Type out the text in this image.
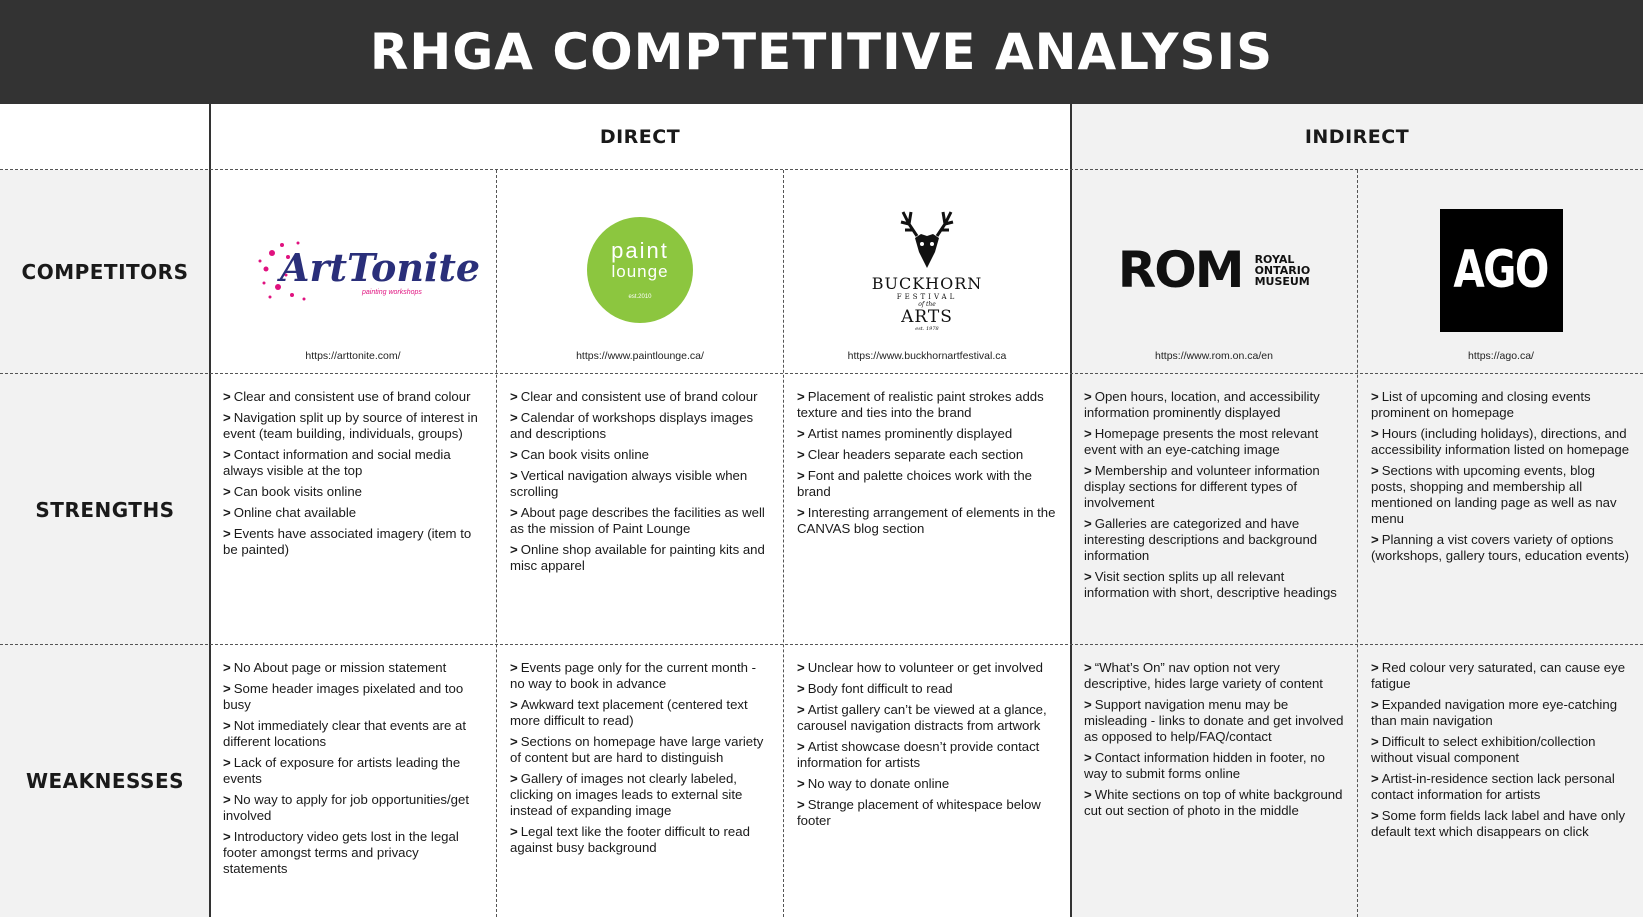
RHGA COMPTETITIVE ANALYSIS
DIRECT	INDIRECT
COMPETITORS
STRENGTHS
WEAKNESSES
ArtTonite
painting workshops
https://arttonite.com/
paint
lounge
est.2010
https://www.paintlounge.ca/
BUCKHORN
FESTIVAL
of the
ARTS
est. 1978
https://www.buckhornartfestival.ca
ROM ROYAL
ONTARIO
MUSEUM
https://www.rom.on.ca/en
AGO
https://ago.ca/
> Clear and consistent use of brand colour
> Navigation split up by source of interest in event (team building, individuals, groups)
> Contact information and social media always visible at the top
> Can book visits online
> Online chat available
> Events have associated imagery (item to be painted)
> Clear and consistent use of brand colour
> Calendar of workshops displays images and descriptions
> Can book visits online
> Vertical navigation always visible when scrolling
> About page describes the facilities as well as the mission of Paint Lounge
> Online shop available for painting kits and misc apparel
> Placement of realistic paint strokes adds texture and ties into the brand
> Artist names prominently displayed
> Clear headers separate each section
> Font and palette choices work with the brand
> Interesting arrangement of elements in the CANVAS blog section
> Open hours, location, and accessibility information prominently displayed
> Homepage presents the most relevant event with an eye-catching image
> Membership and volunteer information display sections for different types of involvement
> Galleries are categorized and have interesting descriptions and background information
> Visit section splits up all relevant information with short, descriptive headings
> List of upcoming and closing events prominent on homepage
> Hours (including holidays), directions, and accessibility information listed on homepage
> Sections with upcoming events, blog posts, shopping and membership all mentioned on landing page as well as nav menu
> Planning a vist covers variety of options (workshops, gallery tours, education events)
> No About page or mission statement
> Some header images pixelated and too busy
> Not immediately clear that events are at different locations
> Lack of exposure for artists leading the events
> No way to apply for job opportunities/get involved
> Introductory video gets lost in the legal footer amongst terms and privacy statements
> Events page only for the current month - no way to book in advance
> Awkward text placement (centered text more difficult to read)
> Sections on homepage have large variety of content but are hard to distinguish
> Gallery of images not clearly labeled, clicking on images leads to external site instead of expanding image
> Legal text like the footer difficult to read against busy background
> Unclear how to volunteer or get involved
> Body font difficult to read
> Artist gallery can’t be viewed at a glance, carousel navigation distracts from artwork
> Artist showcase doesn’t provide contact information for artists
> No way to donate online
> Strange placement of whitespace below footer
> “What’s On” nav option not very descriptive, hides large variety of content
> Support navigation menu may be misleading - links to donate and get involved as opposed to help/FAQ/contact
> Contact information hidden in footer, no way to submit forms online
> White sections on top of white background cut out section of photo in the middle
> Red colour very saturated, can cause eye fatigue
> Expanded navigation more eye-catching than main navigation
> Difficult to select exhibition/collection without visual component
> Artist-in-residence section lack personal contact information for artists
> Some form fields lack label and have only default text which disappears on click
